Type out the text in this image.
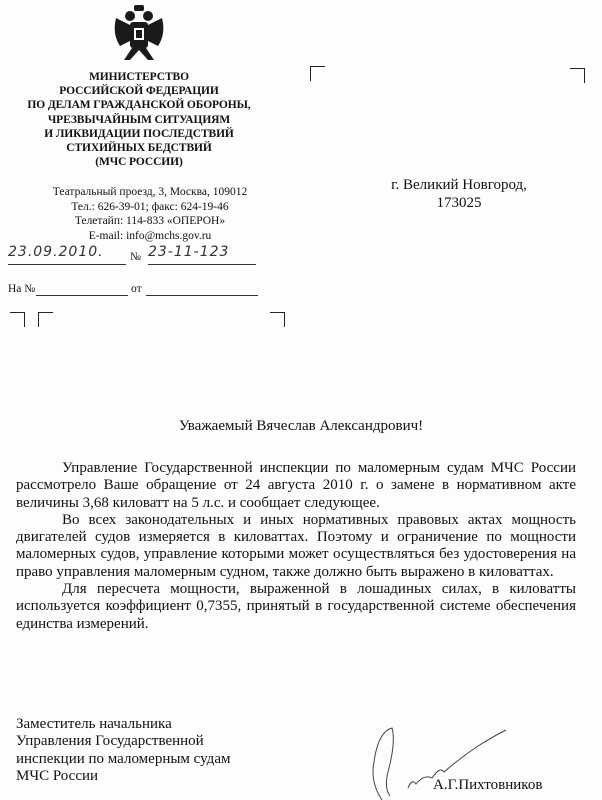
МИНИСТЕРСТВО
РОССИЙСКОЙ ФЕДЕРАЦИИ
ПО ДЕЛАМ ГРАЖДАНСКОЙ ОБОРОНЫ,
ЧРЕЗВЫЧАЙНЫМ СИТУАЦИЯМ
И ЛИКВИДАЦИИ ПОСЛЕДСТВИЙ
СТИХИЙНЫХ БЕДСТВИЙ
(МЧС РОССИИ)
Театральный проезд, 3, Москва, 109012
Тел.: 626-39-01; факс: 624-19-46
Телетайп: 114-833 «ОПЕРОН»
E-mail: info@mchs.gov.ru
23.09.2010.	№ 23-11-123
На №	от
г. Великий Новгород,
173025
Уважаемый Вячеслав Александрович!

Управление Государственной инспекции по маломерным судам МЧС России рассмотрело Ваше обращение от 24 августа 2010 г. о замене в нормативном акте величины 3,68 киловатт на 5 л.с. и сообщает следующее.

Во всех законодательных и иных нормативных правовых актах мощность двигателей судов измеряется в киловаттах. Поэтому и ограничение по мощности маломерных судов, управление которыми может осуществляться без удостоверения на право управления маломерным судном, также должно быть выражено в киловаттах.

Для пересчета мощности, выраженной в лошадиных силах, в киловатты используется коэффициент 0,7355, принятый в государственной системе обеспечения единства измерений.

Заместитель начальника
Управления Государственной
инспекции по маломерным судам
МЧС России
А.Г.Пихтовников
